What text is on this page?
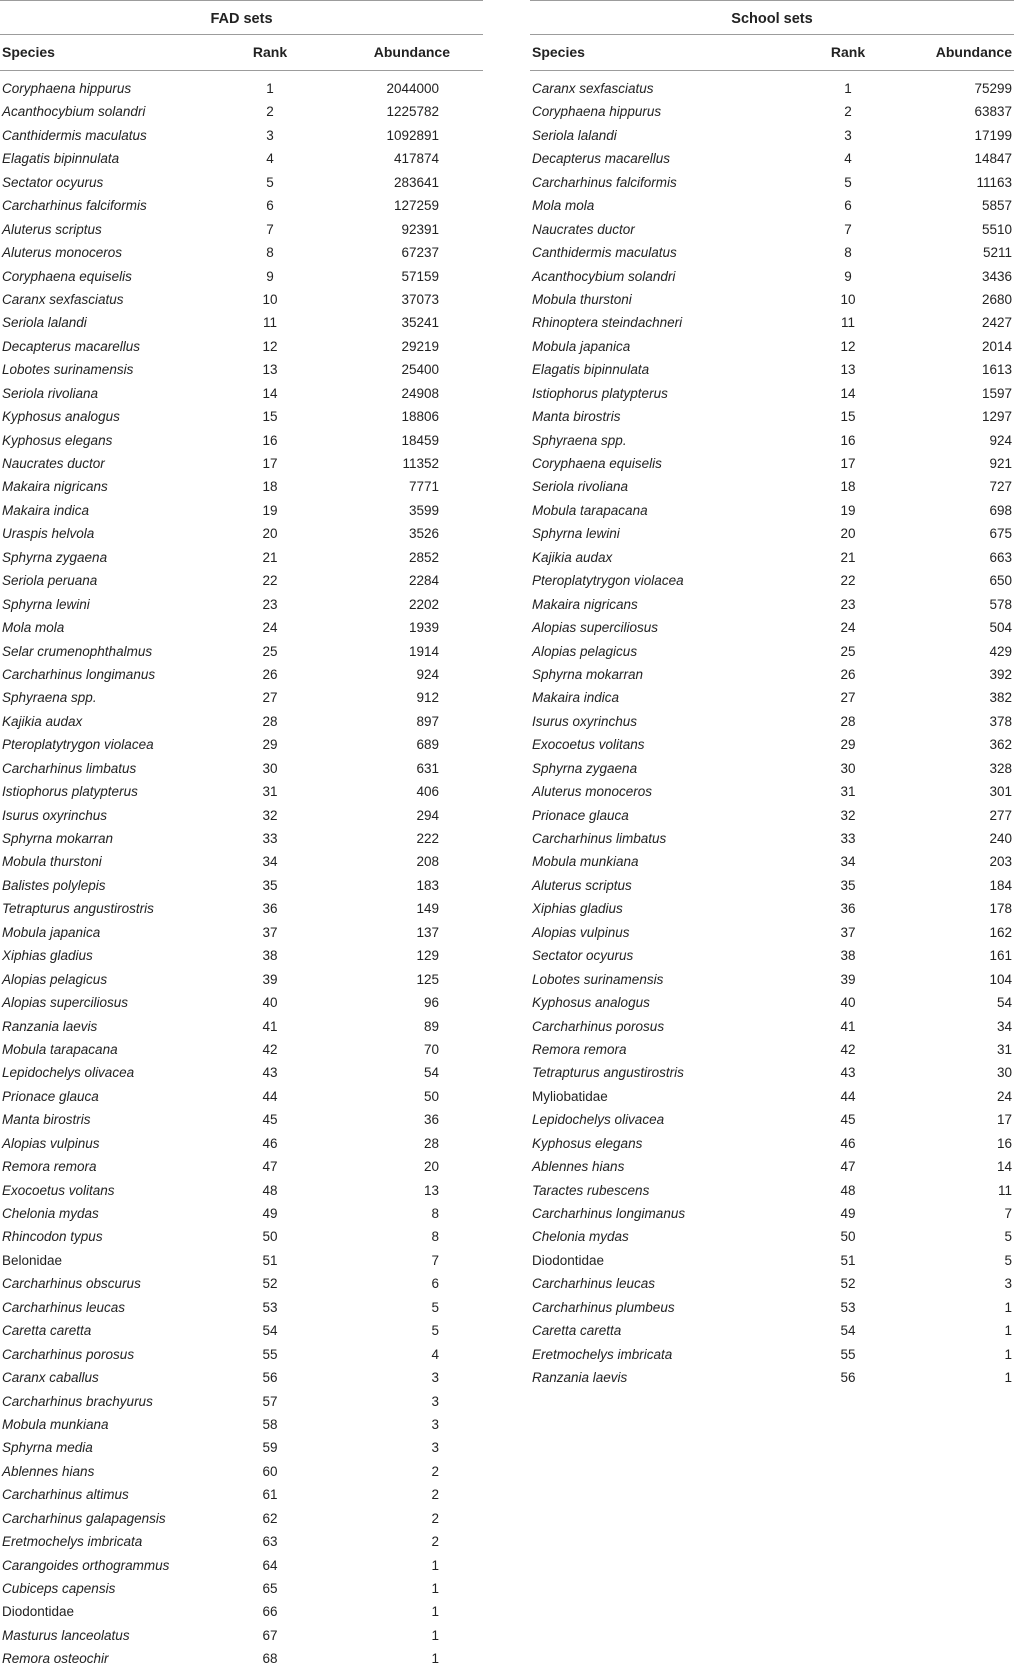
FAD sets
Species	Rank	Abundance
Coryphaena hippurus	1	2044000
Acanthocybium solandri	2	1225782
Canthidermis maculatus	3	1092891
Elagatis bipinnulata	4	417874
Sectator ocyurus	5	283641
Carcharhinus falciformis	6	127259
Aluterus scriptus	7	92391
Aluterus monoceros	8	67237
Coryphaena equiselis	9	57159
Caranx sexfasciatus	10	37073
Seriola lalandi	11	35241
Decapterus macarellus	12	29219
Lobotes surinamensis	13	25400
Seriola rivoliana	14	24908
Kyphosus analogus	15	18806
Kyphosus elegans	16	18459
Naucrates ductor	17	11352
Makaira nigricans	18	7771
Makaira indica	19	3599
Uraspis helvola	20	3526
Sphyrna zygaena	21	2852
Seriola peruana	22	2284
Sphyrna lewini	23	2202
Mola mola	24	1939
Selar crumenophthalmus	25	1914
Carcharhinus longimanus	26	924
Sphyraena spp.	27	912
Kajikia audax	28	897
Pteroplatytrygon violacea	29	689
Carcharhinus limbatus	30	631
Istiophorus platypterus	31	406
Isurus oxyrinchus	32	294
Sphyrna mokarran	33	222
Mobula thurstoni	34	208
Balistes polylepis	35	183
Tetrapturus angustirostris	36	149
Mobula japanica	37	137
Xiphias gladius	38	129
Alopias pelagicus	39	125
Alopias superciliosus	40	96
Ranzania laevis	41	89
Mobula tarapacana	42	70
Lepidochelys olivacea	43	54
Prionace glauca	44	50
Manta birostris	45	36
Alopias vulpinus	46	28
Remora remora	47	20
Exocoetus volitans	48	13
Chelonia mydas	49	8
Rhincodon typus	50	8
Belonidae	51	7
Carcharhinus obscurus	52	6
Carcharhinus leucas	53	5
Caretta caretta	54	5
Carcharhinus porosus	55	4
Caranx caballus	56	3
Carcharhinus brachyurus	57	3
Mobula munkiana	58	3
Sphyrna media	59	3
Ablennes hians	60	2
Carcharhinus altimus	61	2
Carcharhinus galapagensis	62	2
Eretmochelys imbricata	63	2
Carangoides orthogrammus	64	1
Cubiceps capensis	65	1
Diodontidae	66	1
Masturus lanceolatus	67	1
Remora osteochir	68	1
School sets
Species	Rank	Abundance
Caranx sexfasciatus	1	75299
Coryphaena hippurus	2	63837
Seriola lalandi	3	17199
Decapterus macarellus	4	14847
Carcharhinus falciformis	5	11163
Mola mola	6	5857
Naucrates ductor	7	5510
Canthidermis maculatus	8	5211
Acanthocybium solandri	9	3436
Mobula thurstoni	10	2680
Rhinoptera steindachneri	11	2427
Mobula japanica	12	2014
Elagatis bipinnulata	13	1613
Istiophorus platypterus	14	1597
Manta birostris	15	1297
Sphyraena spp.	16	924
Coryphaena equiselis	17	921
Seriola rivoliana	18	727
Mobula tarapacana	19	698
Sphyrna lewini	20	675
Kajikia audax	21	663
Pteroplatytrygon violacea	22	650
Makaira nigricans	23	578
Alopias superciliosus	24	504
Alopias pelagicus	25	429
Sphyrna mokarran	26	392
Makaira indica	27	382
Isurus oxyrinchus	28	378
Exocoetus volitans	29	362
Sphyrna zygaena	30	328
Aluterus monoceros	31	301
Prionace glauca	32	277
Carcharhinus limbatus	33	240
Mobula munkiana	34	203
Aluterus scriptus	35	184
Xiphias gladius	36	178
Alopias vulpinus	37	162
Sectator ocyurus	38	161
Lobotes surinamensis	39	104
Kyphosus analogus	40	54
Carcharhinus porosus	41	34
Remora remora	42	31
Tetrapturus angustirostris	43	30
Myliobatidae	44	24
Lepidochelys olivacea	45	17
Kyphosus elegans	46	16
Ablennes hians	47	14
Taractes rubescens	48	11
Carcharhinus longimanus	49	7
Chelonia mydas	50	5
Diodontidae	51	5
Carcharhinus leucas	52	3
Carcharhinus plumbeus	53	1
Caretta caretta	54	1
Eretmochelys imbricata	55	1
Ranzania laevis	56	1
